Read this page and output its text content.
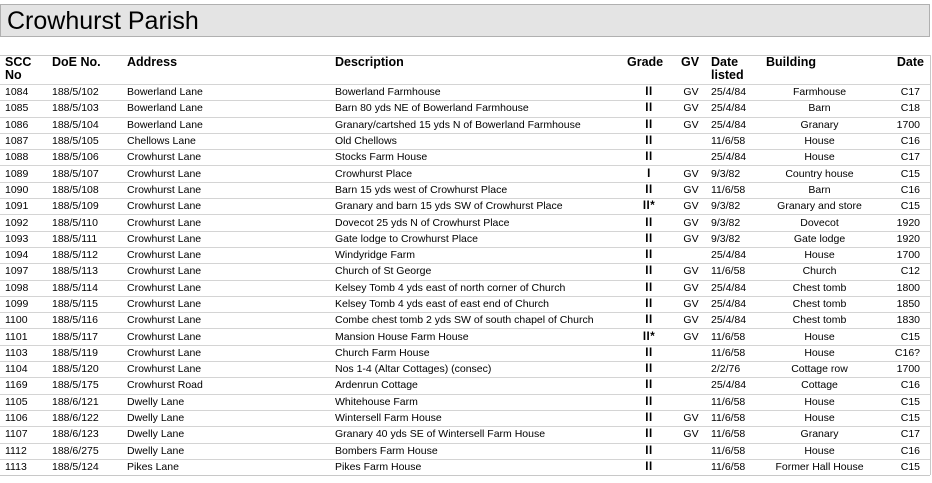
Crowhurst Parish
SCC No	DoE No.	Address	Description	Grade	GV	Date listed	Building	Date
1084	188/5/102	Bowerland Lane	Bowerland Farmhouse	II	GV	25/4/84	Farmhouse	C17
1085	188/5/103	Bowerland Lane	Barn 80 yds NE of Bowerland Farmhouse	II	GV	25/4/84	Barn	C18
1086	188/5/104	Bowerland Lane	Granary/cartshed 15 yds N of Bowerland Farmhouse	II	GV	25/4/84	Granary	1700
1087	188/5/105	Chellows Lane	Old Chellows	II		11/6/58	House	C16
1088	188/5/106	Crowhurst Lane	Stocks Farm House	II		25/4/84	House	C17
1089	188/5/107	Crowhurst Lane	Crowhurst Place	I	GV	9/3/82	Country house	C15
1090	188/5/108	Crowhurst Lane	Barn 15 yds west of Crowhurst Place	II	GV	11/6/58	Barn	C16
1091	188/5/109	Crowhurst Lane	Granary and barn 15 yds SW of Crowhurst Place	II*	GV	9/3/82	Granary and store	C15
1092	188/5/110	Crowhurst Lane	Dovecot 25 yds N of Crowhurst Place	II	GV	9/3/82	Dovecot	1920
1093	188/5/111	Crowhurst Lane	Gate lodge to Crowhurst Place	II	GV	9/3/82	Gate lodge	1920
1094	188/5/112	Crowhurst Lane	Windyridge Farm	II		25/4/84	House	1700
1097	188/5/113	Crowhurst Lane	Church of St George	II	GV	11/6/58	Church	C12
1098	188/5/114	Crowhurst Lane	Kelsey Tomb 4 yds east of north corner of Church	II	GV	25/4/84	Chest tomb	1800
1099	188/5/115	Crowhurst Lane	Kelsey Tomb 4 yds east of east end of Church	II	GV	25/4/84	Chest tomb	1850
1100	188/5/116	Crowhurst Lane	Combe chest tomb 2 yds SW of south chapel of Church	II	GV	25/4/84	Chest tomb	1830
1101	188/5/117	Crowhurst Lane	Mansion House Farm House	II*	GV	11/6/58	House	C15
1103	188/5/119	Crowhurst Lane	Church Farm House	II		11/6/58	House	C16?
1104	188/5/120	Crowhurst Lane	Nos 1-4 (Altar Cottages) (consec)	II		2/2/76	Cottage row	1700
1169	188/5/175	Crowhurst Road	Ardenrun Cottage	II		25/4/84	Cottage	C16
1105	188/6/121	Dwelly Lane	Whitehouse Farm	II		11/6/58	House	C15
1106	188/6/122	Dwelly Lane	Wintersell Farm House	II	GV	11/6/58	House	C15
1107	188/6/123	Dwelly Lane	Granary 40 yds SE of Wintersell Farm House	II	GV	11/6/58	Granary	C17
1112	188/6/275	Dwelly Lane	Bombers Farm House	II		11/6/58	House	C16
1113	188/5/124	Pikes Lane	Pikes Farm House	II		11/6/58	Former Hall House	C15
